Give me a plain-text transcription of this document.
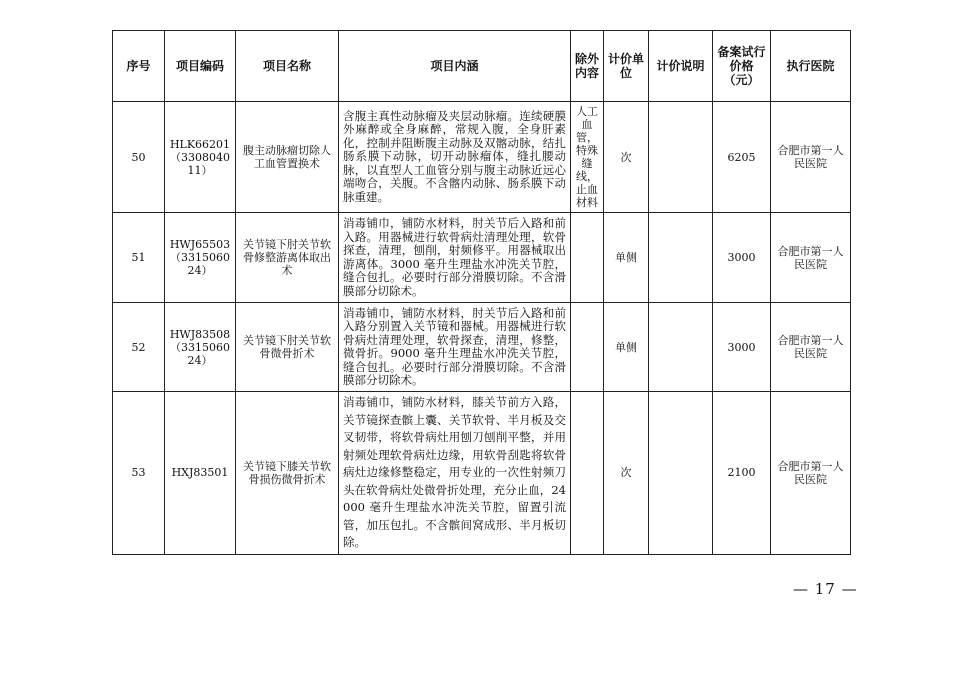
序号	项目编码	项目名称	项目内涵	除外内容	计价单位	计价说明	备案试行价格（元）	执行医院
50	HLK66201（330804011）	腹主动脉瘤切除人工血管置换术	含腹主真性动脉瘤及夹层动脉瘤。连续硬膜外麻醉或全身麻醉，常规入腹，全身肝素化，控制并阻断腹主动脉及双髂动脉，结扎肠系膜下动脉，切开动脉瘤体，缝扎腰动脉，以直型人工血管分别与腹主动脉近远心端吻合，关腹。不含髂内动脉、肠系膜下动脉重建。	人工血管，特殊缝线，止血材料	次		6205	合肥市第一人民医院
51	HWJ65503（331506024）	关节镜下肘关节软骨修整游离体取出术	消毒铺巾，铺防水材料，肘关节后入路和前入路。用器械进行软骨病灶清理处理，软骨探查，清理，刨削，射频修平。用器械取出游离体。3000 毫升生理盐水冲洗关节腔，缝合包扎。必要时行部分滑膜切除。不含滑膜部分切除术。		单侧		3000	合肥市第一人民医院
52	HWJ83508（331506024）	关节镜下肘关节软骨微骨折术	消毒铺巾，铺防水材料，肘关节后入路和前入路分别置入关节镜和器械。用器械进行软骨病灶清理处理，软骨探查，清理，修整，微骨折。9000 毫升生理盐水冲洗关节腔，缝合包扎。必要时行部分滑膜切除。不含滑膜部分切除术。		单侧		3000	合肥市第一人民医院
53	HXJ83501	关节镜下膝关节软骨损伤微骨折术	消毒铺巾，铺防水材料，膝关节前方入路，关节镜探查髌上囊、关节软骨、半月板及交叉韧带，将软骨病灶用刨刀刨削平整，并用射频处理软骨病灶边缘，用软骨刮匙将软骨病灶边缘修整稳定，用专业的一次性射频刀头在软骨病灶处微骨折处理，充分止血，24000 毫升生理盐水冲洗关节腔，留置引流管，加压包扎。不含髌间窝成形、半月板切除。		次		2100	合肥市第一人民医院
— 17 —
